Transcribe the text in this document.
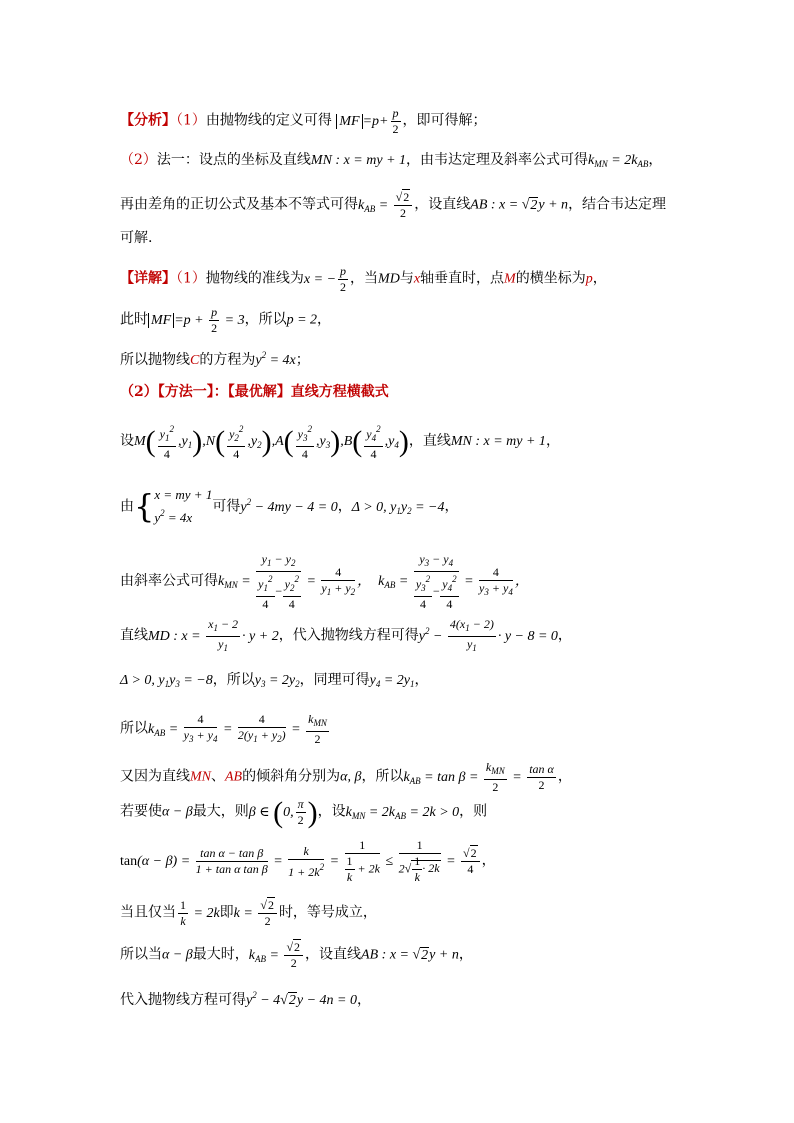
【分析】（1）由抛物线的定义可得 MF $=p+ \frac{p}{2}$ ，即可得解；
（2）法一：设点的坐标及直线MN : x = my + 1，由韦达定理及斜率公式可得$k_{MN} = 2k_{AB}$，
再由差角的正切公式及基本不等式可得$k_{AB} = \frac{√2}{2}$ ，设直线AB : x = √2y + n，结合韦达定理
可解.
【详解】（1）抛物线的准线为x = − $\frac{p}{2}$ ，当MD与x轴垂直时，点M的横坐标为p，
此时 MF $=p + \frac{p}{2} = 3$，所以p = 2，
所以抛物线C的方程为$y^2 = 4x$；
（2）【方法一】：【最优解】直线方程横截式
设$M( \frac{y_1^2}{4} ,y_1),N( \frac{y_2^2}{4} ,y_2),A( \frac{y_3^2}{4} ,y_3),B( \frac{y_4^2}{4} ,y_4)$，直线MN : x = my + 1，
由{x = my + 1
$y^2 = 4x$可得$y^2 - 4my - 4 = 0$，Δ > 0, $y_1y_2 = -4$，
由斜率公式可得$k_{MN} = \frac{y_1 - y_2}{\frac{y_1^2}{4} - \frac{y_2^2}{4}} = \frac{4}{y_1 + y_2}$ ，  $k_{AB} = \frac{y_3 - y_4}{\frac{y_3^2}{4} - \frac{y_4^2}{4}} = \frac{4}{y_3 + y_4}$ ，
直线MD : $x = \frac{x_1 - 2}{y_1} \cdot y + 2$，代入抛物线方程可得$y^2 - \frac{4(x_1 - 2)}{y_1} \cdot y - 8 = 0$，
Δ > 0, $y_1y_3 = -8$，所以$y_3 = 2y_2$，同理可得$y_4 = 2y_1$，
所以$k_{AB} = \frac{4}{y_3 + y_4} = \frac{4}{2(y_1 + y_2)} = \frac{k_{MN}}{2}$
又因为直线MN、AB的倾斜角分别为α, β，所以$k_{AB} = \tan \beta = \frac{k_{MN}}{2} = \frac{\text{tan α}}{2}$ ，
若要使α − β最大，则β ∈ (0, $\frac{\pi}{2}$ )，设$k_{MN} = 2k_{AB} = 2k > 0$，则
$\tan(\alpha - \beta) = \frac{\text{tan α − tan β}}{\text{1 + tan α tan β}} = \frac{k}{1 + 2k^2} = \frac{1}{\frac{1}{k} + 2k} \le \frac{1}{2√ \frac{1}{k} \cdot 2k} = \frac{√2}{4}$ ，
当且仅当 $\frac{1}{k} = 2k$即$k = \frac{√2}{2}$ 时，等号成立，
所以当α − β最大时，$k_{AB} = \frac{√2}{2}$ ，设直线AB : x = √2y + n，
代入抛物线方程可得$y^2 - 4√2y - 4n = 0$，
